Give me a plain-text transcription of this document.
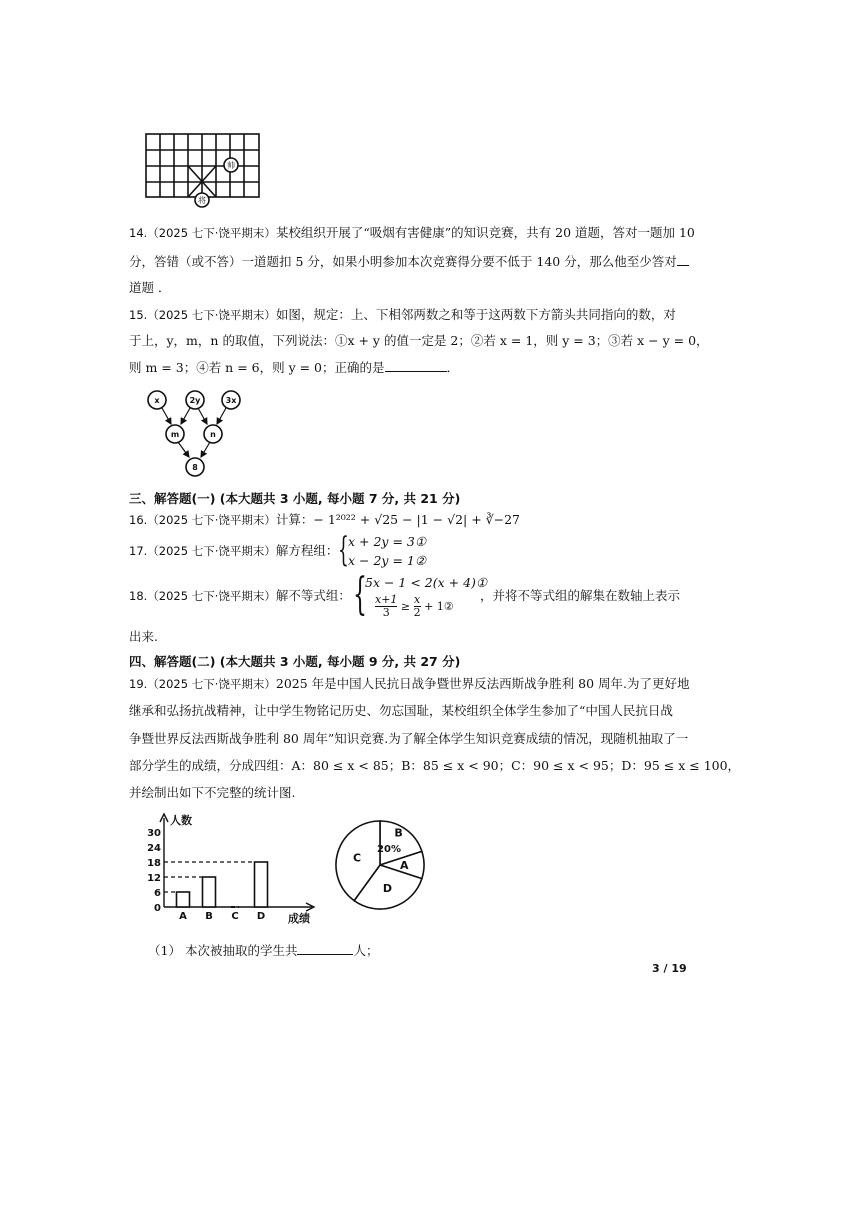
帅
将
14.（2025 七下·饶平期末）某校组织开展了“吸烟有害健康”的知识竞赛，共有 20 道题，答对一题加 10
分，答错（或不答）一道题扣 5 分，如果小明参加本次竞赛得分要不低于 140 分，那么他至少答对
道题 ．
15.（2025 七下·饶平期末）如图，规定：上、下相邻两数之和等于这两数下方箭头共同指向的数，对
于上，y，m，n 的取值，下列说法：①x + y 的值一定是 2；②若 x = 1，则 y = 3；③若 x − y = 0，
则 m = 3；④若 n = 6，则 y = 0；正确的是	．
x	2y	3x
m	n
8
三、解答题(一) (本大题共 3 小题, 每小题 7 分, 共 21 分)
16.（2025 七下·饶平期末）计算：− 1²⁰²² + √25 − |1 − √2| + ∛−27
17.（2025 七下·饶平期末）解方程组： { x + 2y = 3①
x − 2y = 1②
18.（2025 七下·饶平期末）解不等式组： {
5x − 1 < 2(x + 4)①
$\frac{x+1}{3} \ge \frac{x}{2}$ + 1②
，并将不等式组的解集在数轴上表示
出来.
四、解答题(二) (本大题共 3 小题, 每小题 9 分, 共 27 分)
19.（2025 七下·饶平期末）2025 年是中国人民抗日战争暨世界反法西斯战争胜利 80 周年.为了更好地
继承和弘扬抗战精神，让中学生物铭记历史、勿忘国耻，某校组织全体学生参加了“中国人民抗日战
争暨世界反法西斯战争胜利 80 周年”知识竞赛.为了解全体学生知识竞赛成绩的情况，现随机抽取了一
部分学生的成绩，分成四组：A：80 ≤ x < 85；B：85 ≤ x < 90；C：90 ≤ x < 95；D：95 ≤ x ≤ 100，
并绘制出如下不完整的统计图.
人数
成绩
0
6
12
18
24
30
A B C D
B
A
D
C
20%
（1） 本次被抽取的学生共	人；
3 / 19
